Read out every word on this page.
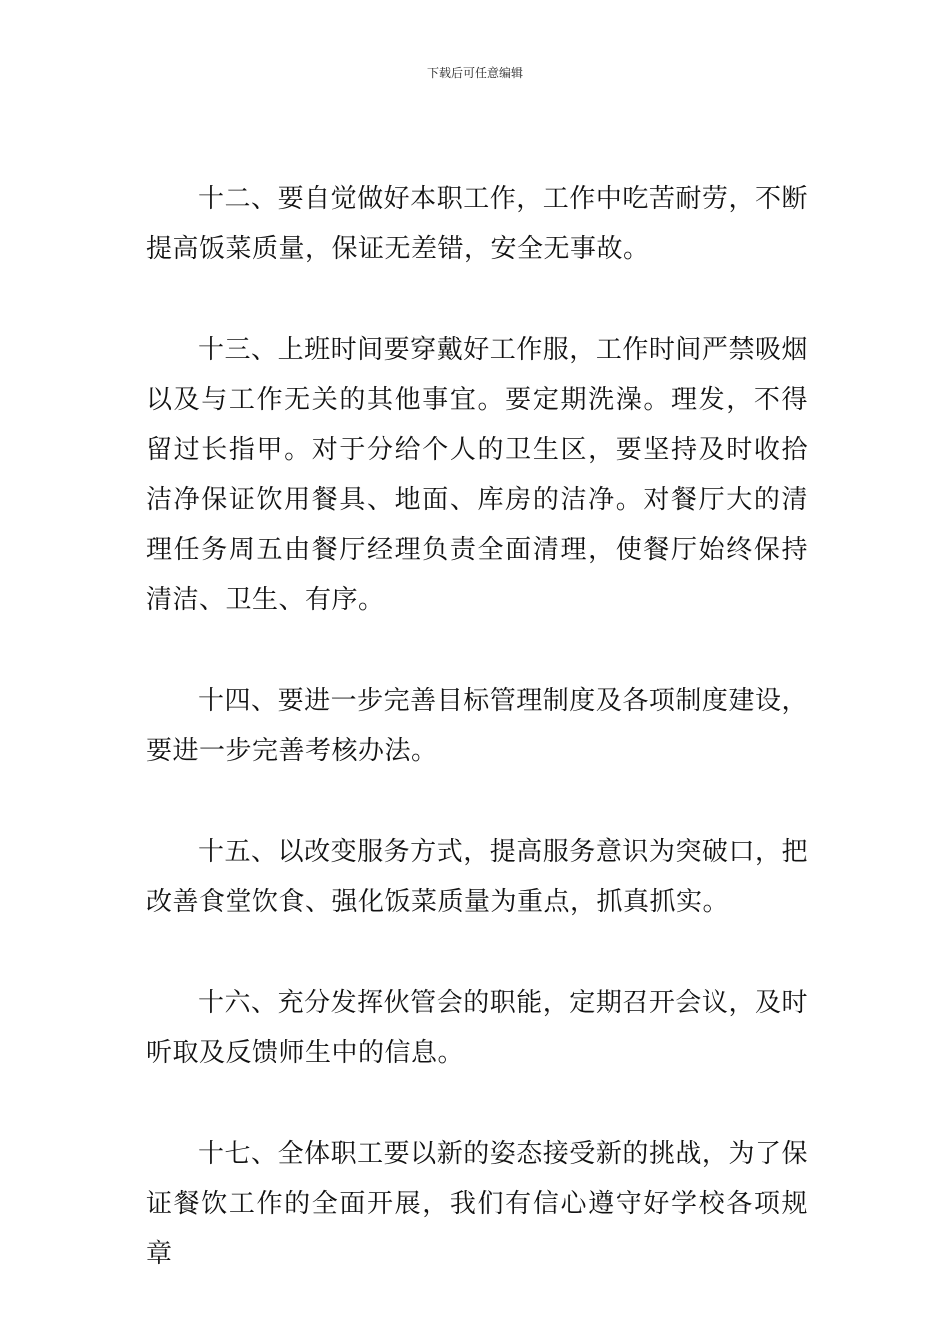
下载后可任意编辑

十二、要自觉做好本职工作，工作中吃苦耐劳，不断提高饭菜质量，保证无差错，安全无事故。

十三、上班时间要穿戴好工作服，工作时间严禁吸烟以及与工作无关的其他事宜。要定期洗澡。理发，不得留过长指甲。对于分给个人的卫生区，要坚持及时收拾洁净保证饮用餐具、地面、库房的洁净。对餐厅大的清理任务周五由餐厅经理负责全面清理，使餐厅始终保持清洁、卫生、有序。

十四、要进一步完善目标管理制度及各项制度建设，要进一步完善考核办法。

十五、以改变服务方式，提高服务意识为突破口，把改善食堂饮食、强化饭菜质量为重点，抓真抓实。

十六、充分发挥伙管会的职能，定期召开会议，及时听取及反馈师生中的信息。

十七、全体职工要以新的姿态接受新的挑战，为了保证餐饮工作的全面开展，我们有信心遵守好学校各项规章
